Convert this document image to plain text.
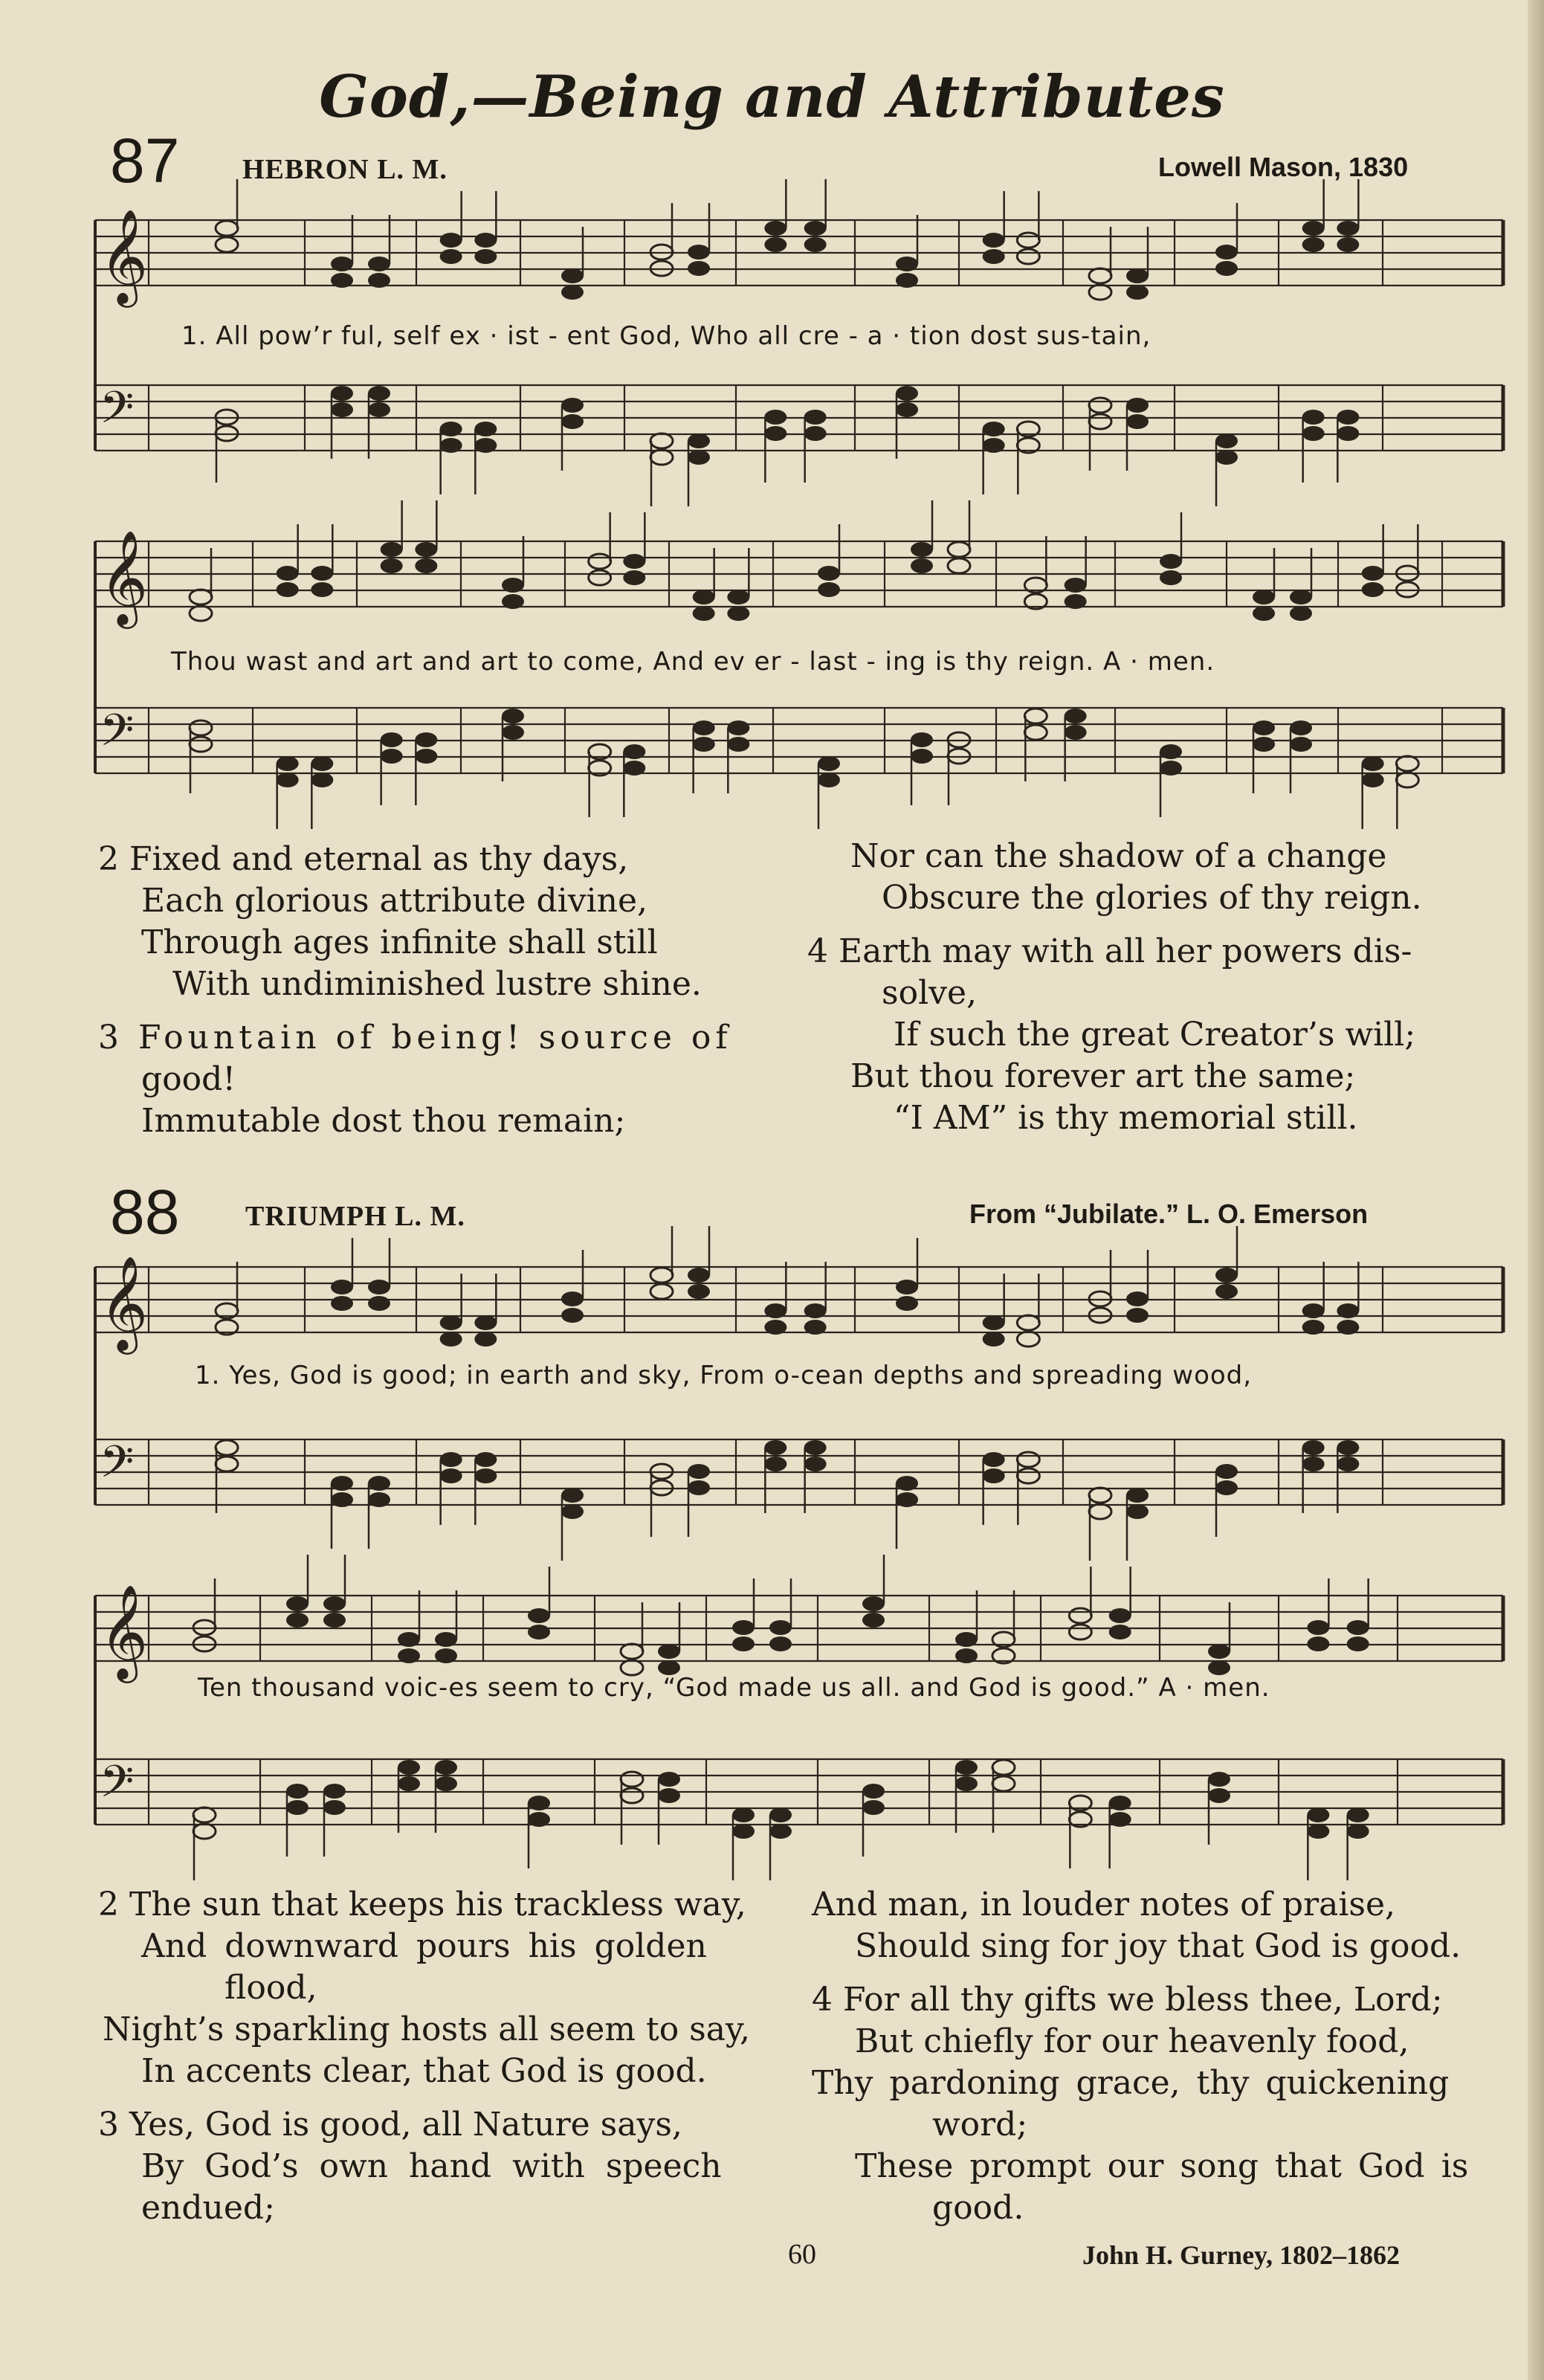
God,—Being and Attributes
87 HEBRON L. M.	Lowell Mason, 1830
𝄞
𝄢
𝄞
𝄢
𝄞
𝄢
𝄞
𝄢
1. All pow’r ful, self ex · ist - ent God, Who all cre - a · tion dost sus-tain,
Thou wast and art and art to come, And ev er - last - ing is thy reign. A · men.
2 Fixed and eternal as thy days,
Each glorious attribute divine,
Through ages infinite shall still
With undiminished lustre shine.
3 Fountain of being! source of
good!
Immutable dost thou remain;
Nor can the shadow of a change
Obscure the glories of thy reign.
4 Earth may with all her powers dis-
solve,
If such the great Creator’s will;
But thou forever art the same;
“I AM” is thy memorial still.
88 TRIUMPH L. M.	From “Jubilate.” L. O. Emerson
1. Yes, God is good; in earth and sky, From o-cean depths and spreading wood,
Ten thousand voic-es seem to cry, “God made us all. and God is good.” A · men.
2 The sun that keeps his trackless way,
And downward pours his golden
flood,
Night’s sparkling hosts all seem to say,
In accents clear, that God is good.
3 Yes, God is good, all Nature says,
By God’s own hand with speech
endued;
And man, in louder notes of praise,
Should sing for joy that God is good.
4 For all thy gifts we bless thee, Lord;
But chiefly for our heavenly food,
Thy pardoning grace, thy quickening
word;
These prompt our song that God is
good.
60	John H. Gurney, 1802–1862
